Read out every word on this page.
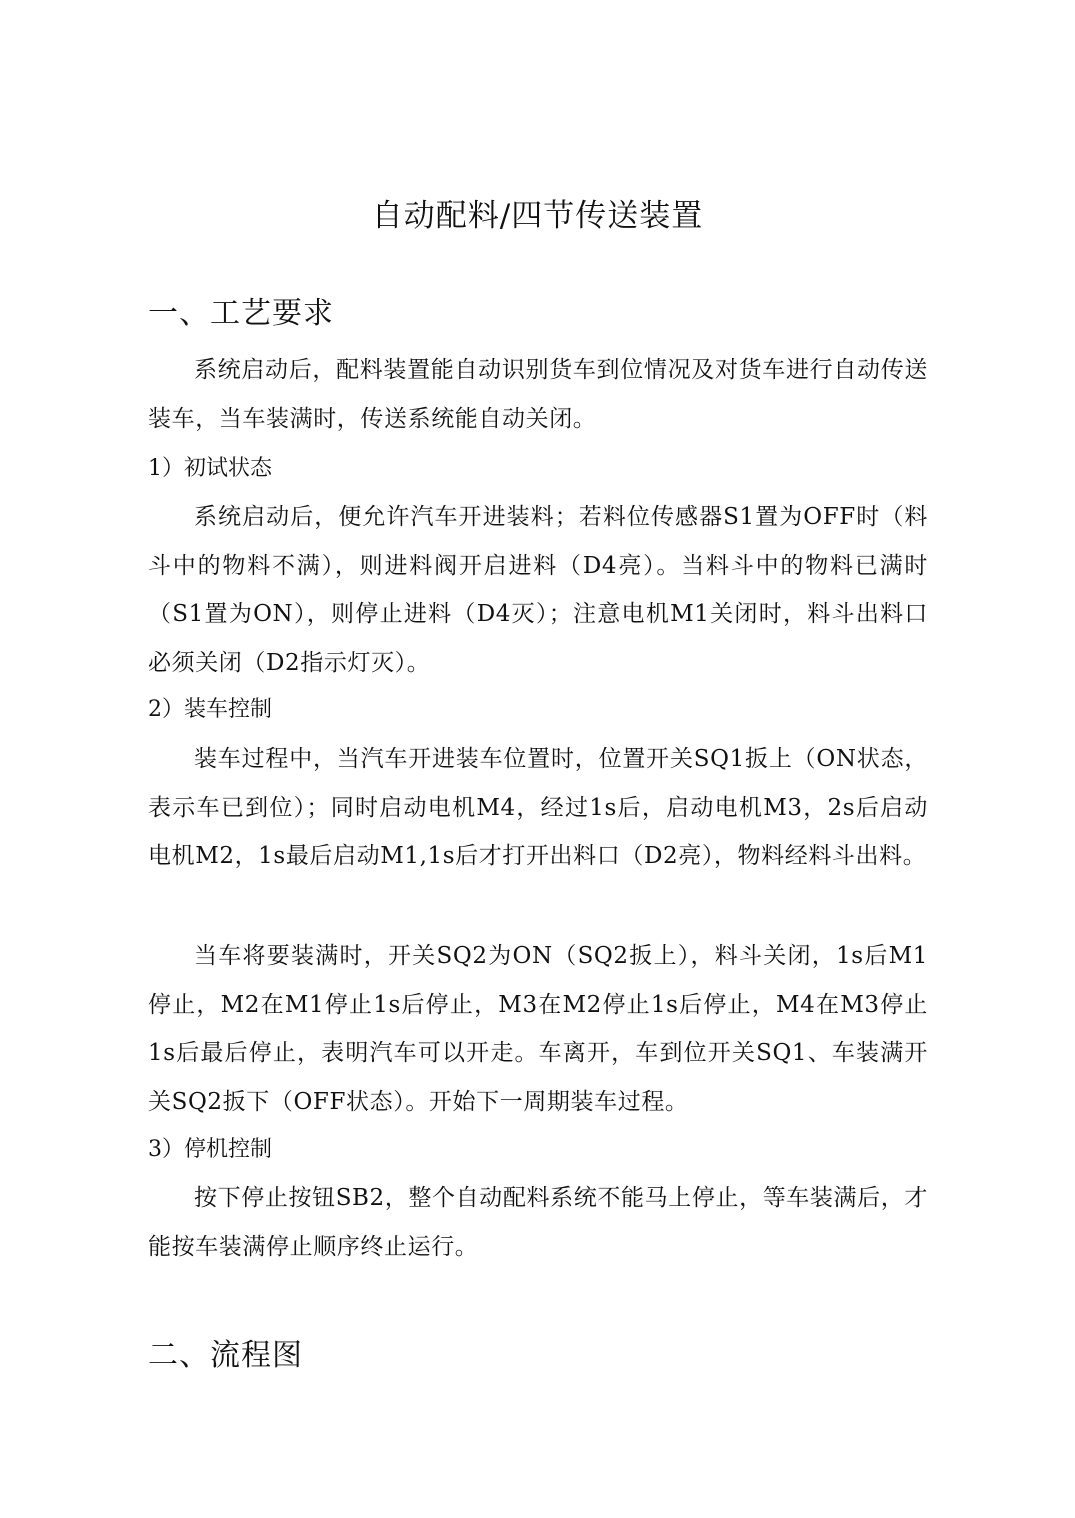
自动配料/四节传送装置
一、工艺要求

系统启动后，配料装置能自动识别货车到位情况及对货车进行自动传送装车，当车装满时，传送系统能自动关闭。

1）初试状态

系统启动后，便允许汽车开进装料；若料位传感器S1置为OFF时（料斗中的物料不满），则进料阀开启进料（D4亮）。当料斗中的物料已满时（S1置为ON），则停止进料（D4灭）；注意电机M1关闭时，料斗出料口必须关闭（D2指示灯灭）。

2）装车控制

装车过程中，当汽车开进装车位置时，位置开关SQ1扳上（ON状态，表示车已到位）；同时启动电机M4，经过1s后，启动电机M3，2s后启动电机M2，1s最后启动M1,1s后才打开出料口（D2亮），物料经料斗出料。

当车将要装满时，开关SQ2为ON（SQ2扳上），料斗关闭，1s后M1停止，M2在M1停止1s后停止，M3在M2停止1s后停止，M4在M3停止1s后最后停止，表明汽车可以开走。车离开，车到位开关SQ1、车装满开关SQ2扳下（OFF状态）。开始下一周期装车过程。

3）停机控制

按下停止按钮SB2，整个自动配料系统不能马上停止，等车装满后，才能按车装满停止顺序终止运行。

二、流程图
